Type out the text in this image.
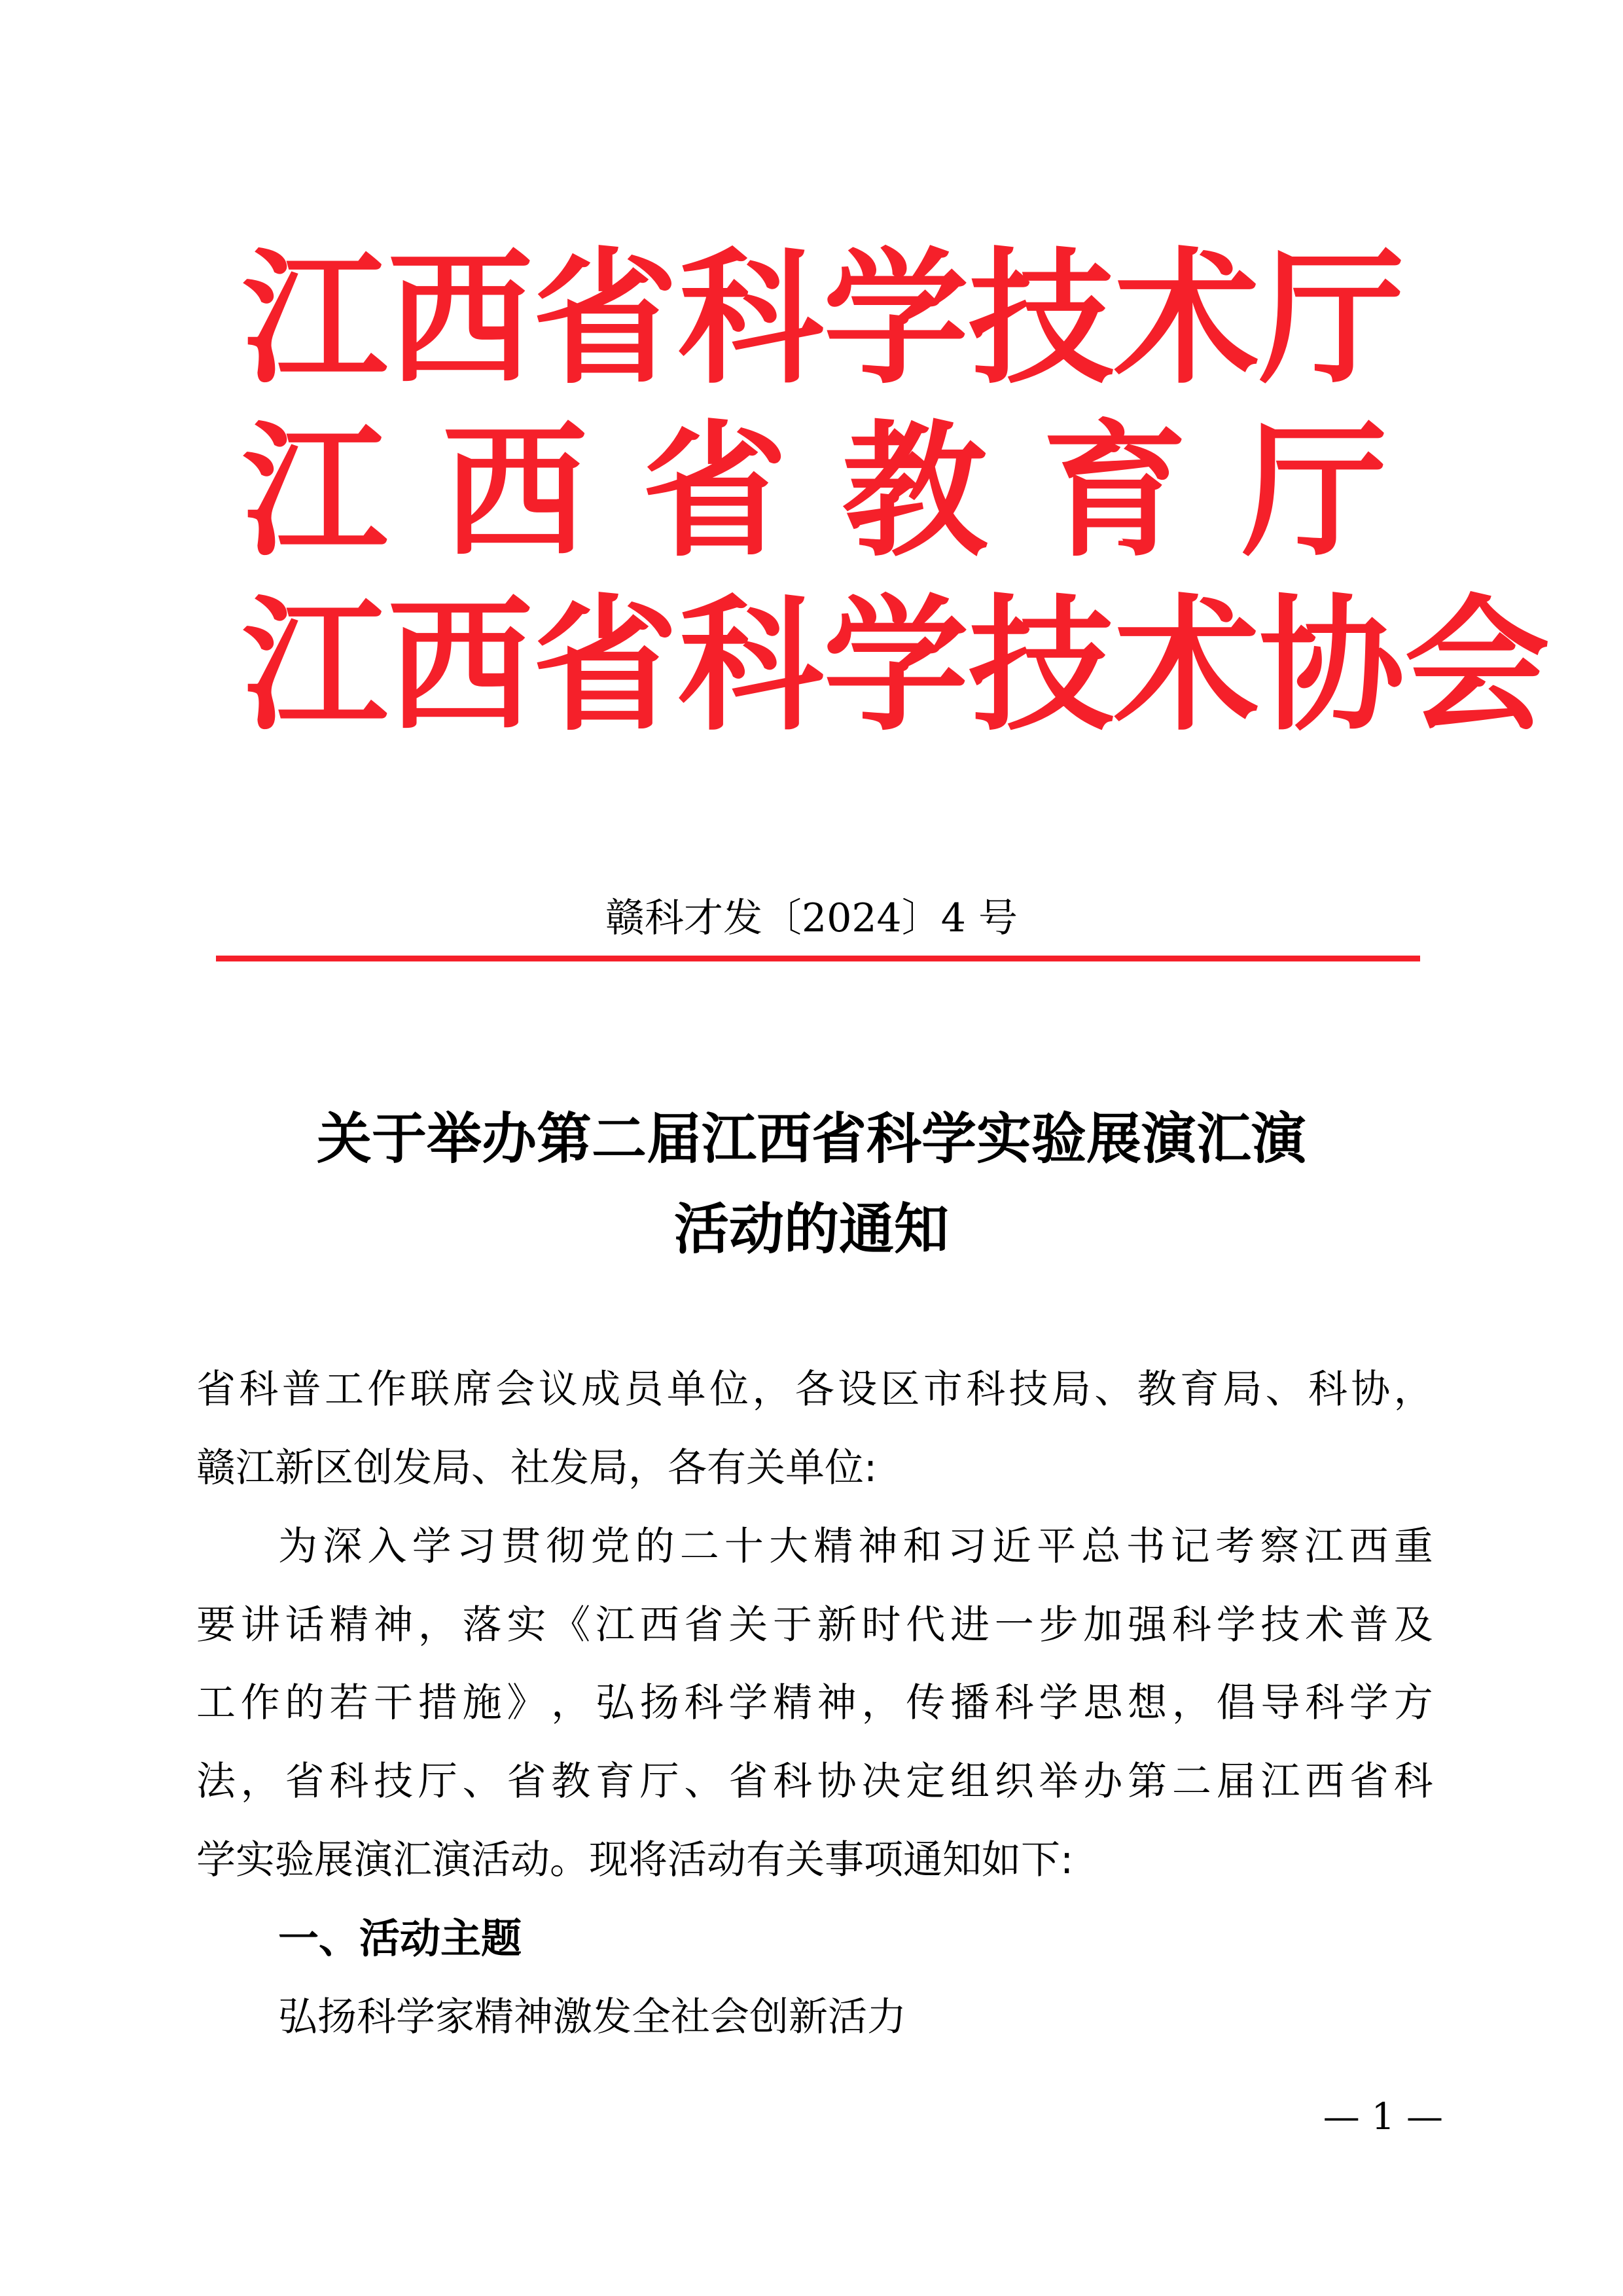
江 西 省 科 学 技 术 厅
江 西 省 教 育 厅
江 西 省 科 学 技 术 协 会
赣科才发〔2024〕4 号
关于举办第二届江西省科学实验展演汇演
活动的通知
省 科 普 工 作 联 席 会 议 成 员 单 位 ， 各 设 区 市 科 技 局 、 教 育 局 、 科 协 ，
赣江新区创发局、社发局，各有关单位:
为 深 入 学 习 贯 彻 党 的 二 十 大 精 神 和 习 近 平 总 书 记 考 察 江 西 重
要 讲 话 精 神 ， 落 实 《 江 西 省 关 于 新 时 代 进 一 步 加 强 科 学 技 术 普 及
工 作 的 若 干 措 施 》 ， 弘 扬 科 学 精 神 ， 传 播 科 学 思 想 ， 倡 导 科 学 方
法 ， 省 科 技 厅 、 省 教 育 厅 、 省 科 协 决 定 组 织 举 办 第 二 届 江 西 省 科
学实验展演汇演活动。现将活动有关事项通知如下:
一、活动主题
弘扬科学家精神激发全社会创新活力
— 1 —
